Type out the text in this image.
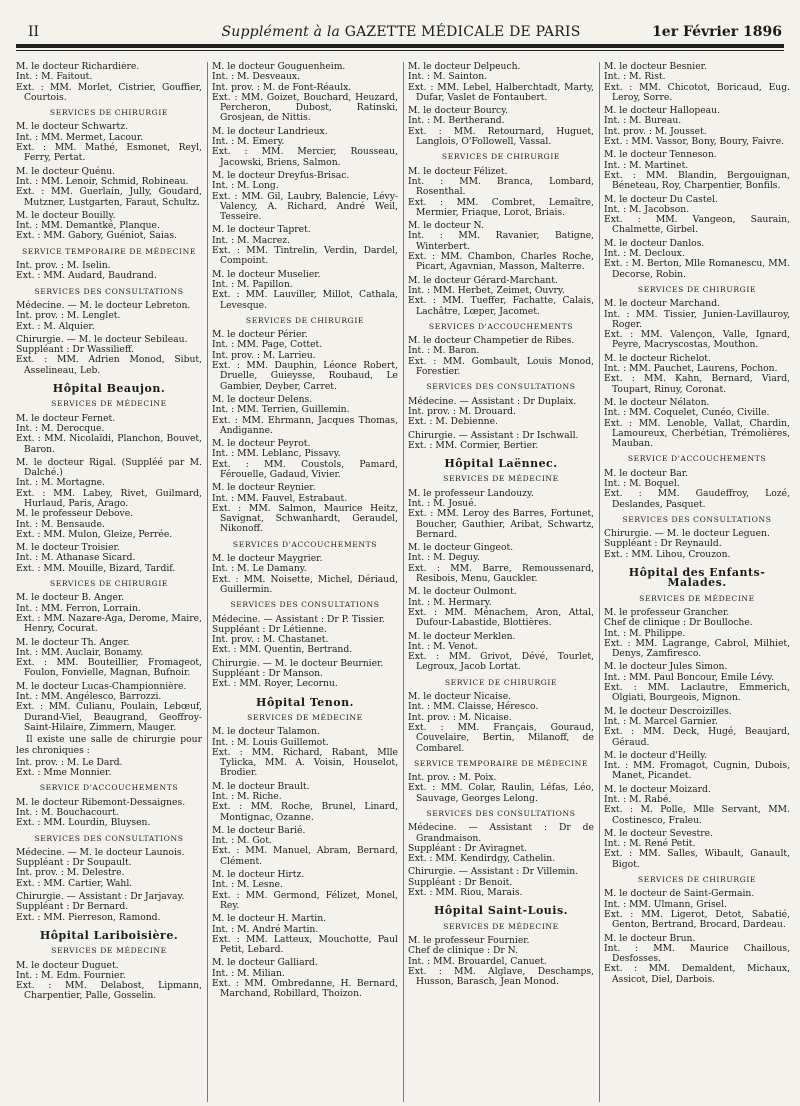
II	Supplément à la GAZETTE MÉDICALE DE PARIS	1er Février 1896
M. le docteur Richardière.
Int. : M. Faitout.
Ext. : MM. Morlet, Cistrier, Gouffier, Courtois.
SERVICES DE CHIRURGIE
M. le docteur Schwartz.
Int. : MM. Mermet, Lacour.
Ext. : MM. Mathé, Esmonet, Reyl, Ferry, Pertat.
M. le docteur Quénu.
Int. : MM. Lenoir, Schmid, Robineau.
Ext. : MM. Guerlain, Jully, Goudard, Mutzner, Lustgarten, Faraut, Schultz.
M. le docteur Bouilly.
Int. : MM. Demantké, Planque.
Ext. : MM. Gabory, Guéniot, Saias.
SERVICE TEMPORAIRE DE MÉDECINE
Int. prov. : M. Iselin.
Ext. : MM. Audard, Baudrand.
SERVICES DES CONSULTATIONS
Médecine. — M. le docteur Lebreton.
Int. prov. : M. Lenglet.
Ext. : M. Alquier.
Chirurgie. — M. le docteur Sebileau.
Suppléant : Dr Wassilieff.
Ext. : MM. Adrien Monod, Sibut, Asselineau, Leb.
Hôpital Beaujon.
SERVICES DE MÉDECINE
M. le docteur Fernet.
Int. : M. Derocque.
Ext. : MM. Nicolaïdi, Planchon, Bouvet, Baron.
M. le docteur Rigal. (Suppléé par M. Dalché.)
Int. : M. Mortagne.
Ext. : MM. Labey, Rivet, Guilmard, Hurlaud, Paris, Arago.
M. le professeur Debove.
Int. : M. Bensaude.
Ext. : MM. Mulon, Gleize, Perrée.
M. le docteur Troisier.
Int. : M. Athanase Sicard.
Ext. : MM. Mouille, Bizard, Tardif.
SERVICES DE CHIRURGIE
M. le docteur B. Anger.
Int. : MM. Ferron, Lorrain.
Ext. : MM. Nazare-Aga, Derome, Maire, Henry, Cocurat.
M. le docteur Th. Anger.
Int. : MM. Auclair, Bonamy.
Ext. : MM. Bouteillier, Fromageot, Foulon, Fonvielle, Magnan, Bufnoir.
M. le docteur Lucas-Championnière.
Int. : MM. Angélesco, Barrozzi.
Ext. : MM. Culianu, Poulain, Lebœuf, Durand-Viel, Beaugrand, Geoffroy-Saint-Hilaire, Zimmern, Mauger.
Il existe une salle de chirurgie pour les chroniques :
Int. prov. : M. Le Dard.
Ext. : Mme Monnier.
SERVICE D'ACCOUCHEMENTS
M. le docteur Ribemont-Dessaignes.
Int. : M. Bouchacourt.
Ext. : MM. Lourdin, Bluysen.
SERVICES DES CONSULTATIONS
Médecine. — M. le docteur Launois.
Suppléant : Dr Soupault.
Int. prov. : M. Delestre.
Ext. : MM. Cartier, Wahl.
Chirurgie. — Assistant : Dr Jarjavay.
Suppléant : Dr Bernard.
Ext. : MM. Pierreson, Ramond.
Hôpital Lariboisière.
SERVICES DE MÉDECINE
M. le docteur Duguet.
Int. : M. Edm. Fournier.
Ext. : MM. Delabost, Lipmann, Charpentier, Palle, Gosselin.
M. le docteur Gouguenheim.
Int. : M. Desveaux.
Int. prov. : M. de Font-Réaulx.
Ext. : MM. Goizet, Bouchard, Heuzard, Percheron, Dubost, Ratinski, Grosjean, de Nittis.
M. le docteur Landrieux.
Int. : M. Emery.
Ext. : MM. Mercier, Rousseau, Jacowski, Briens, Salmon.
M. le docteur Dreyfus-Brisac.
Int. : M. Long.
Ext. : MM. Gil, Laubry, Balencie, Lévy-Valency, A. Richard, André Weil, Tesseire.
M. le docteur Tapret.
Int. : M. Macrez.
Ext. : MM. Tintrelin, Verdin, Dardel, Compoint.
M. le docteur Muselier.
Int. : M. Papillon.
Ext. : MM. Lauviller, Millot, Cathala, Levesque.
SERVICES DE CHIRURGIE
M. le docteur Périer.
Int. : MM. Page, Cottet.
Int. prov. : M. Larrieu.
Ext. : MM. Dauphin, Léonce Robert, Druelle, Guieysse, Roubaud, Le Gambier, Deyber, Carret.
M. le docteur Delens.
Int. : MM. Terrien, Guillemin.
Ext. : MM. Ehrmann, Jacques Thomas, Andiganne.
M. le docteur Peyrot.
Int. : MM. Leblanc, Pissavy.
Ext. : MM. Coustols, Pamard, Férouelle, Gadaud, Vivier.
M. le docteur Reynier.
Int. : MM. Fauvel, Estrabaut.
Ext. : MM. Salmon, Maurice Heitz, Savignat, Schwanhardt, Geraudel, Nikonoff.
SERVICES D'ACCOUCHEMENTS
M. le docteur Maygrier.
Int. : M. Le Damany.
Ext. : MM. Noisette, Michel, Dériaud, Guillermin.
SERVICES DES CONSULTATIONS
Médecine. — Assistant : Dr P. Tissier.
Suppléant : Dr Létienne.
Int. prov. : M. Chastanet.
Ext. : MM. Quentin, Bertrand.
Chirurgie. — M. le docteur Beurnier.
Suppléant : Dr Manson.
Ext. : MM. Royer, Lecornu.
Hôpital Tenon.
SERVICES DE MÉDECINE
M. le docteur Talamon.
Int. : M. Louis Guillemot.
Ext. : MM. Richard, Rabant, Mlle Tylicka, MM. A. Voisin, Houselot, Brodier.
M. le docteur Brault.
Int. : M. Riche.
Ext. : MM. Roche, Brunel, Linard, Montignac, Ozanne.
M. le docteur Barié.
Int. : M. Got.
Ext. : MM. Manuel, Abram, Bernard, Clément.
M. le docteur Hirtz.
Int. : M. Lesne.
Ext. : MM. Germond, Félizet, Monel, Rey.
M. le docteur H. Martin.
Int. : M. André Martin.
Ext. : MM. Latteux, Mouchotte, Paul Petit, Lebard.
M. le docteur Galliard.
Int. : M. Milian.
Ext. : MM. Ombredanne, H. Bernard, Marchand, Robillard, Thoizon.
M. le docteur Delpeuch.
Int. : M. Sainton.
Ext. : MM. Lebel, Halberchtadt, Marty, Dufar, Vaslet de Fontaubert.
M. le docteur Bourcy.
Int. : M. Bertherand.
Ext. : MM. Retournard, Huguet, Langlois, O'Followell, Vassal.
SERVICES DE CHIRURGIE
M. le docteur Félizet.
Int. : MM. Branca, Lombard, Rosenthal.
Ext. : MM. Combret, Lemaître, Mermier, Friaque, Lorot, Briais.
M. le docteur N.
Int. : MM. Ravanier, Batigne, Winterbert.
Ext. : MM. Chambon, Charles Roche, Picart, Agavnian, Masson, Malterre.
M. le docteur Gérard-Marchant.
Int. : MM. Herbet, Zeimet, Ouvry.
Ext. : MM. Tueffer, Fachatte, Calais, Lachâtre, Lœper, Jacomet.
SERVICES D'ACCOUCHEMENTS
M. le docteur Champetier de Ribes.
Int. : M. Baron.
Ext. : MM. Gombault, Louis Monod, Forestier.
SERVICES DES CONSULTATIONS
Médecine. — Assistant : Dr Duplaix.
Int. prov. : M. Drouard.
Ext. : M. Debienne.
Chirurgie. — Assistant : Dr Ischwall.
Ext. : MM. Cormier, Bertier.
Hôpital Laënnec.
SERVICES DE MÉDECINE
M. le professeur Landouzy.
Int. : M. Josué.
Ext. : MM. Leroy des Barres, Fortunet, Boucher, Gauthier, Aribat, Schwartz, Bernard.
M. le docteur Gingeot.
Int. : M. Deguy.
Ext. : MM. Barre, Remoussenard, Resibois, Menu, Gauckler.
M. le docteur Oulmont.
Int. : M. Hermary.
Ext. : MM. Ménachem, Aron, Attal, Dufour-Labastide, Blottières.
M. le docteur Merklen.
Int. : M. Venot.
Ext. : MM. Grivot, Dévé, Tourlet, Legroux, Jacob Lortat.
SERVICE DE CHIRURGIE
M. le docteur Nicaise.
Int. : MM. Claisse, Héresco.
Int. prov. : M. Nicaise.
Ext. : MM. Français, Gouraud, Couvelaire, Bertin, Milanoff, de Combarel.
SERVICE TEMPORAIRE DE MÉDECINE
Int. prov. : M. Poix.
Ext. : MM. Colar, Raulin, Léfas, Léo, Sauvage, Georges Lelong.
SERVICES DES CONSULTATIONS
Médecine. — Assistant : Dr de Grandmaison.
Suppléant : Dr Aviragnet.
Ext. : MM. Kendirdgy, Cathelin.
Chirurgie. — Assistant : Dr Villemin.
Suppléant : Dr Benoit.
Ext. : MM. Riou, Marais.
Hôpital Saint-Louis.
SERVICES DE MÉDECINE
M. le professeur Fournier.
Chef de clinique : Dr N.
Int. : MM. Brouardel, Canuet.
Ext. : MM. Alglave, Deschamps, Husson, Barasch, Jean Monod.
M. le docteur Besnier.
Int. : M. Rist.
Ext. : MM. Chicotot, Boricaud, Eug. Leroy, Sorre.
M. le docteur Hallopeau.
Int. : M. Bureau.
Int. prov. : M. Jousset.
Ext. : MM. Vassor, Bony, Boury, Faivre.
M. le docteur Tenneson.
Int. : M. Martinet.
Ext. : MM. Blandin, Bergouignan, Béneteau, Roy, Charpentier, Bonfils.
M. le docteur Du Castel.
Int. : M. Jacobson.
Ext. : MM. Vangeon, Saurain, Chalmette, Girbel.
M. le docteur Danlos.
Int. : M. Decloux.
Ext. : M. Berton, Mlle Romanescu, MM. Decorse, Robin.
SERVICES DE CHIRURGIE
M. le docteur Marchand.
Int. : MM. Tissier, Junien-Lavillauroy, Roger.
Ext. : MM. Valençon, Valle, Ignard, Peyre, Macryscostas, Mouthon.
M. le docteur Richelot.
Int. : MM. Pauchet, Laurens, Pochon.
Ext. : MM. Kahn, Bernard, Viard, Toupart, Rinuy, Coronat.
M. le docteur Nélaton.
Int. : MM. Coquelet, Cunéo, Civille.
Ext. : MM. Lenoble, Vallat, Chardin, Lamoureux, Cherbétian, Trémolières, Mauban.
SERVICE D'ACCOUCHEMENTS
M. le docteur Bar.
Int. : M. Boquel.
Ext. : MM. Gaudeffroy, Lozé, Deslandes, Pasquet.
SERVICES DES CONSULTATIONS
Chirurgie. — M. le docteur Leguen.
Suppléant : Dr Reynauld.
Ext. : MM. Lihou, Crouzon.
Hôpital des Enfants-Malades.
SERVICES DE MÉDECINE
M. le professeur Grancher.
Chef de clinique : Dr Boulloche.
Int. : M. Philippe.
Ext. : MM. Lagrange, Cabrol, Milhiet, Denys, Zamfiresco.
M. le docteur Jules Simon.
Int. : MM. Paul Boncour, Emile Lévy.
Ext. : MM. Laclautre, Emmerich, Olgiati, Bourgeois, Mignon.
M. le docteur Descroizilles.
Int. : M. Marcel Garnier.
Ext. : MM. Deck, Hugé, Beaujard, Géraud.
M. le docteur d'Heilly.
Int. : MM. Fromagot, Cugnin, Dubois, Manet, Picandet.
M. le docteur Moizard.
Int. : M. Rabé.
Ext. : M. Polle, Mlle Servant, MM. Costinesco, Fraleu.
M. le docteur Sevestre.
Int. : M. René Petit.
Ext. : MM. Salles, Wibault, Ganault, Bigot.
SERVICES DE CHIRURGIE
M. le docteur de Saint-Germain.
Int. : MM. Ulmann, Grisel.
Ext. : MM. Ligerot, Detot, Sabatié, Genton, Bertrand, Brocard, Dardeau.
M. le docteur Brun.
Int. : MM. Maurice Chaillous, Desfosses.
Ext. : MM. Demaldent, Michaux, Assicot, Diel, Darbois.
